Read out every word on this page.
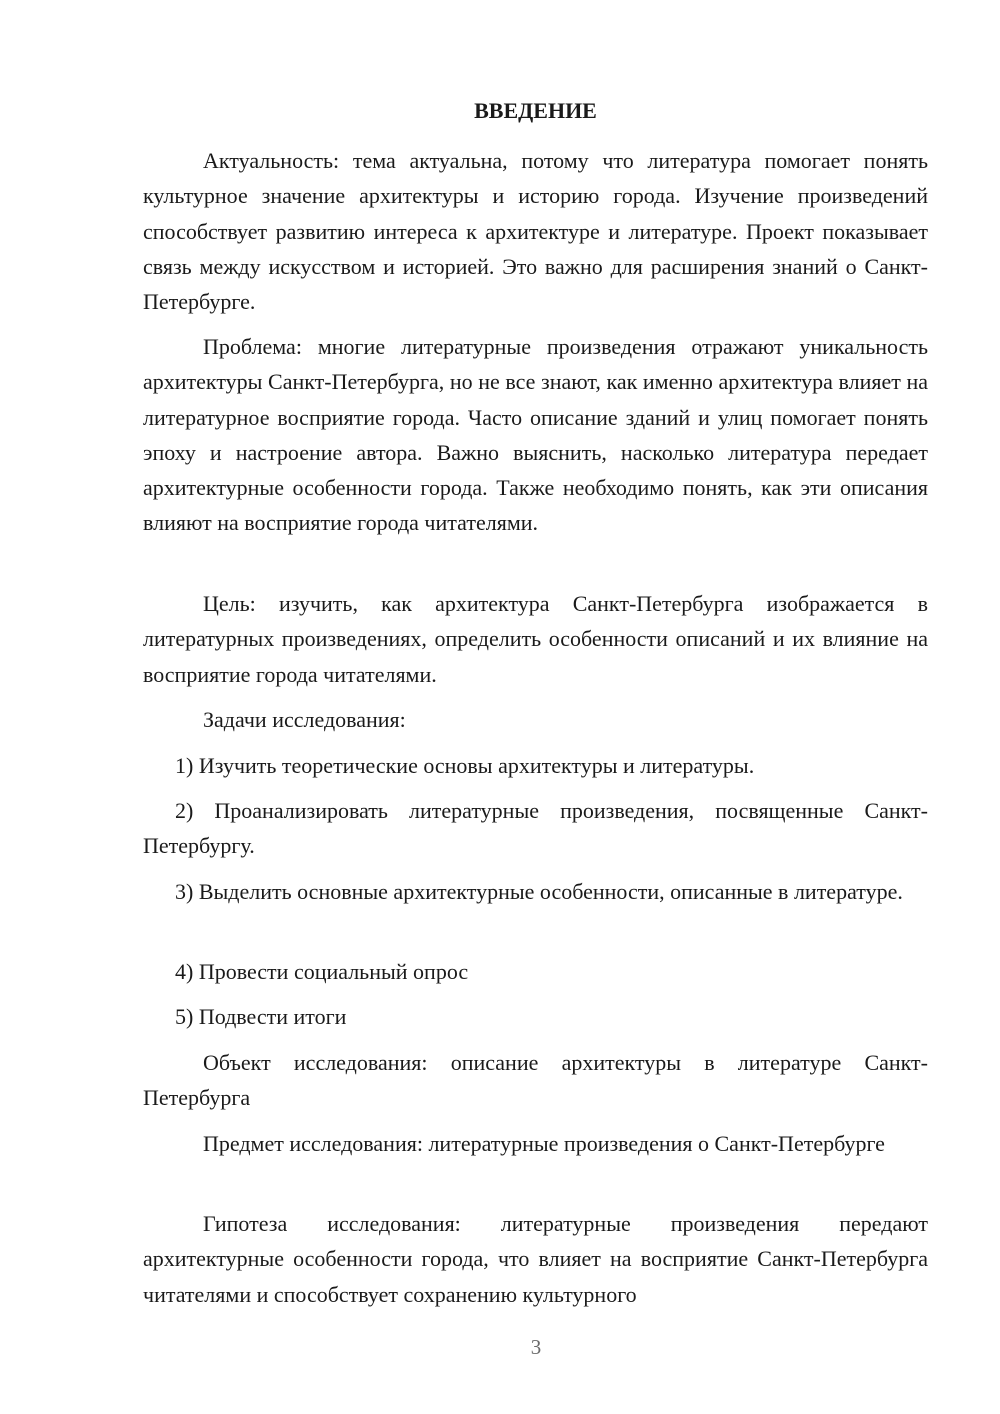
ВВЕДЕНИЕ

Актуальность: тема актуальна, потому что литература помогает понять культурное значение архитектуры и историю города. Изучение произведений способствует развитию интереса к архитектуре и литературе. Проект показывает связь между искусством и историей. Это важно для расширения знаний о Санкт-Петербурге.

Проблема: многие литературные произведения отражают уникальность архитектуры Санкт-Петербурга, но не все знают, как именно архитектура влияет на литературное восприятие города. Часто описание зданий и улиц помогает понять эпоху и настроение автора. Важно выяснить, насколько литература передает архитектурные особенности города. Также необходимо понять, как эти описания влияют на восприятие города читателями.

Цель: изучить, как архитектура Санкт-Петербурга изображается в литературных произведениях, определить особенности описаний и их влияние на восприятие города читателями.

Задачи исследования:

1) Изучить теоретические основы архитектуры и литературы.

2) Проанализировать литературные произведения, посвященные Санкт-Петербургу.

3) Выделить основные архитектурные особенности, описанные в литературе.

4) Провести социальный опрос

5) Подвести итоги

Объект исследования: описание архитектуры в литературе Санкт-Петербурга

Предмет исследования: литературные произведения о Санкт-Петербурге

Гипотеза исследования: литературные произведения передают архитектурные особенности города, что влияет на восприятие Санкт-Петербурга читателями и способствует сохранению культурного

3
